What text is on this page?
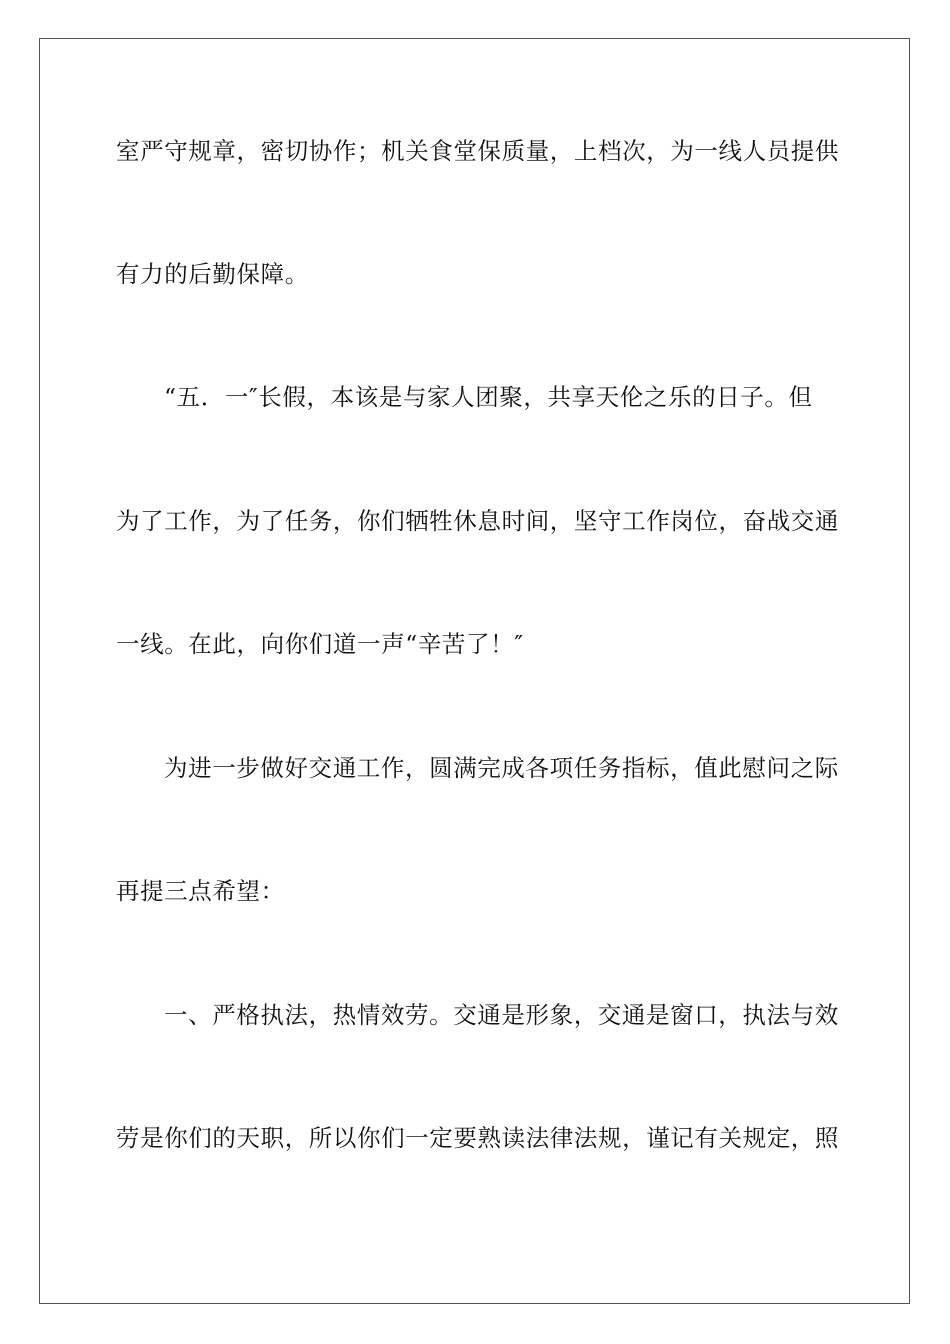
室严守规章，密切协作；机关食堂保质量，上档次，为一线人员提供
有力的后勤保障。
“五．一″长假，本该是与家人团聚，共享天伦之乐的日子。但
为了工作，为了任务，你们牺牲休息时间，坚守工作岗位，奋战交通
一线。在此，向你们道一声“辛苦了！″
为进一步做好交通工作，圆满完成各项任务指标，值此慰问之际
再提三点希望：
一、严格执法，热情效劳。交通是形象，交通是窗口，执法与效
劳是你们的天职，所以你们一定要熟读法律法规，谨记有关规定，照
